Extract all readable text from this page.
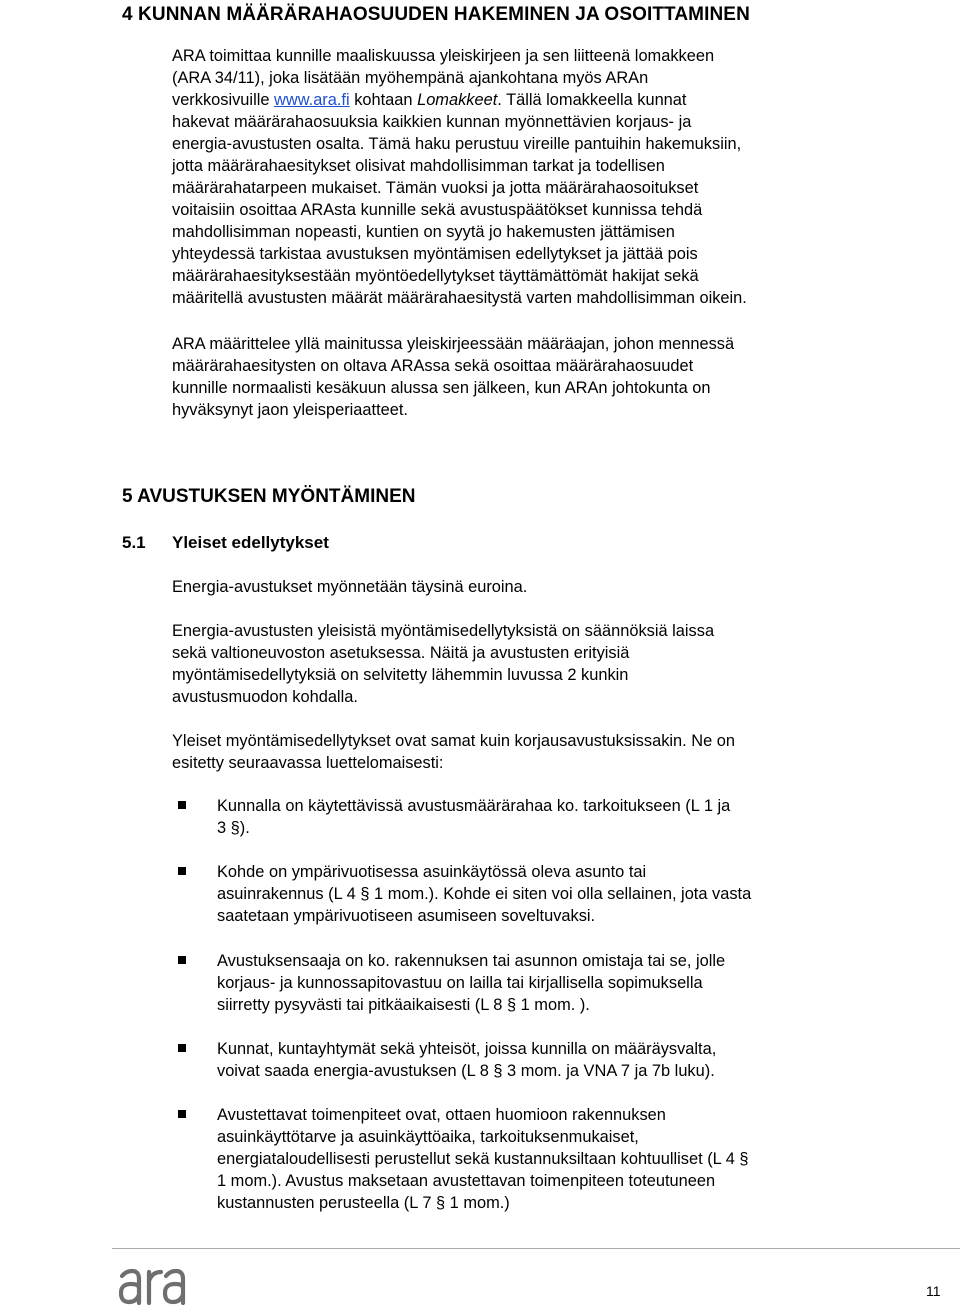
4 KUNNAN MÄÄRÄRAHAOSUUDEN HAKEMINEN JA OSOITTAMINEN
ARA toimittaa kunnille maaliskuussa yleiskirjeen ja sen liitteenä lomakkeen
(ARA 34/11), joka lisätään myöhempänä ajankohtana myös ARAn
verkkosivuille www.ara.fi kohtaan Lomakkeet. Tällä lomakkeella kunnat
hakevat määrärahaosuuksia kaikkien kunnan myönnettävien korjaus- ja
energia-avustusten osalta. Tämä haku perustuu vireille pantuihin hakemuksiin,
jotta määrärahaesitykset olisivat mahdollisimman tarkat ja todellisen
määrärahatarpeen mukaiset. Tämän vuoksi ja jotta määrärahaosoitukset
voitaisiin osoittaa ARAsta kunnille sekä avustuspäätökset kunnissa tehdä
mahdollisimman nopeasti, kuntien on syytä jo hakemusten jättämisen
yhteydessä tarkistaa avustuksen myöntämisen edellytykset ja jättää pois
määrärahaesityksestään myöntöedellytykset täyttämättömät hakijat sekä
määritellä avustusten määrät määrärahaesitystä varten mahdollisimman oikein.
ARA määrittelee yllä mainitussa yleiskirjeessään määräajan, johon mennessä
määrärahaesitysten on oltava ARAssa sekä osoittaa määrärahaosuudet
kunnille normaalisti kesäkuun alussa sen jälkeen, kun ARAn johtokunta on
hyväksynyt jaon yleisperiaatteet.
5 AVUSTUKSEN MYÖNTÄMINEN
5.1 Yleiset edellytykset
Energia-avustukset myönnetään täysinä euroina.
Energia-avustusten yleisistä myöntämisedellytyksistä on säännöksiä laissa
sekä valtioneuvoston asetuksessa. Näitä ja avustusten erityisiä
myöntämisedellytyksiä on selvitetty lähemmin luvussa 2 kunkin
avustusmuodon kohdalla.
Yleiset myöntämisedellytykset ovat samat kuin korjausavustuksissakin. Ne on
esitetty seuraavassa luettelomaisesti:
Kunnalla on käytettävissä avustusmäärärahaa ko. tarkoitukseen (L 1 ja
3 §).
Kohde on ympärivuotisessa asuinkäytössä oleva asunto tai
asuinrakennus (L 4 § 1 mom.). Kohde ei siten voi olla sellainen, jota vasta
saatetaan ympärivuotiseen asumiseen soveltuvaksi.
Avustuksensaaja on ko. rakennuksen tai asunnon omistaja tai se, jolle
korjaus- ja kunnossapitovastuu on lailla tai kirjallisella sopimuksella
siirretty pysyvästi tai pitkäaikaisesti (L 8 § 1 mom. ).
Kunnat, kuntayhtymät sekä yhteisöt, joissa kunnilla on määräysvalta,
voivat saada energia-avustuksen (L 8 § 3 mom. ja VNA 7 ja 7b luku).
Avustettavat toimenpiteet ovat, ottaen huomioon rakennuksen
asuinkäyttötarve ja asuinkäyttöaika, tarkoituksenmukaiset,
energiataloudellisesti perustellut sekä kustannuksiltaan kohtuulliset (L 4 §
1 mom.). Avustus maksetaan avustettavan toimenpiteen toteutuneen
kustannusten perusteella (L 7 § 1 mom.)
11
